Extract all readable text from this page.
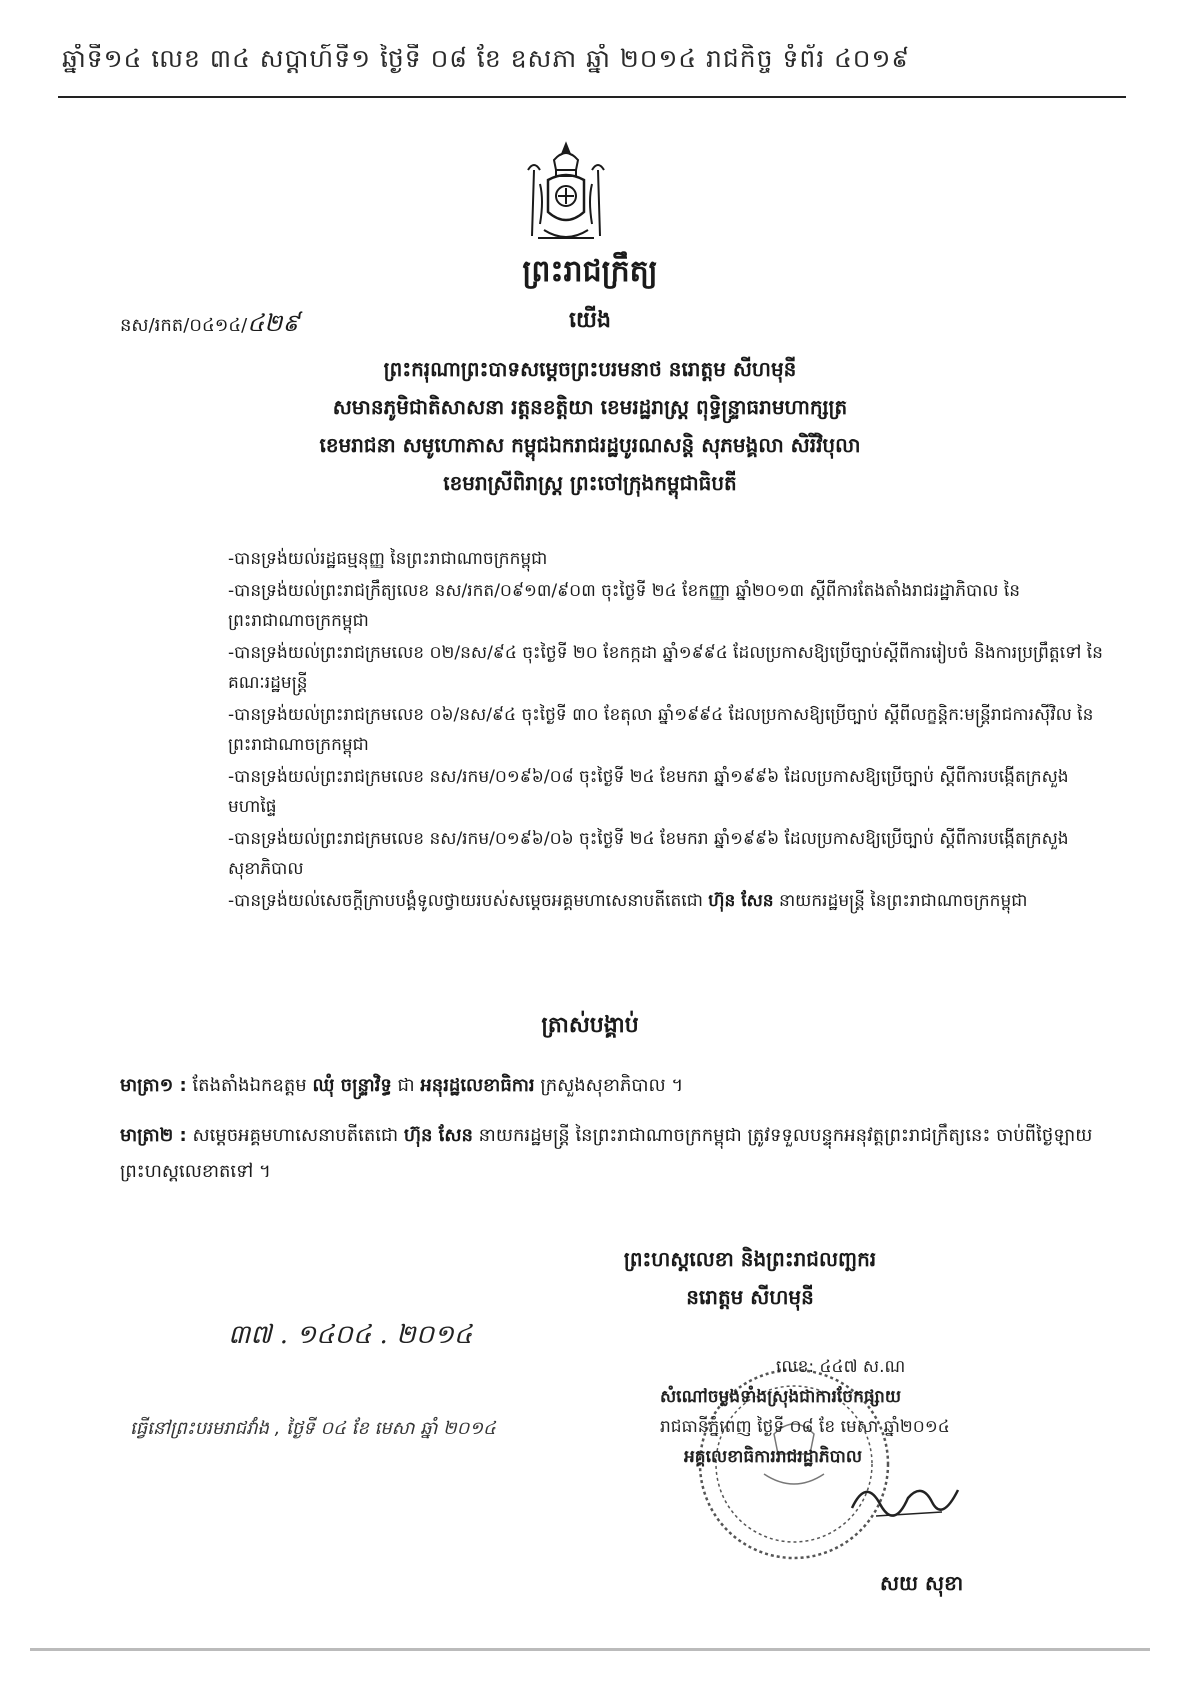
ឆ្នាំទី១៤ លេខ ៣៤ សប្តាហ៍ទី១ ថ្ងៃទី ០៨ ខែ ឧសភា ឆ្នាំ ២០១៤ រាជកិច្ច ទំព័រ ៤០១៩
ព្រះរាជក្រឹត្យ
នស/រកត/០៤១៤/៤២៩	យើង
ព្រះករុណាព្រះបាទសម្តេចព្រះបរមនាថ នរោត្តម សីហមុនី
សមានភូមិជាតិសាសនា រត្តនខត្តិយា ខេមរដ្ឋរាស្ត្រ ពុទ្ធិន្ទ្រាធរាមហាក្សត្រ
ខេមរាជនា សមូហោភាស កម្ពុជឯករាជរដ្ឋបូរណសន្តិ សុភមង្គលា សិរីវិបុលា
ខេមរាស្រីពិរាស្ត្រ ព្រះចៅក្រុងកម្ពុជាធិបតី
-បានទ្រង់យល់រដ្ឋធម្មនុញ្ញ នៃព្រះរាជាណាចក្រកម្ពុជា
-បានទ្រង់យល់ព្រះរាជក្រឹត្យលេខ នស/រកត/០៩១៣/៩០៣ ចុះថ្ងៃទី ២៤ ខែកញ្ញា ឆ្នាំ២០១៣ ស្តីពីការតែងតាំងរាជរដ្ឋាភិបាល នៃព្រះរាជាណាចក្រកម្ពុជា
-បានទ្រង់យល់ព្រះរាជក្រមលេខ ០២/នស/៩៤ ចុះថ្ងៃទី ២០ ខែកក្កដា ឆ្នាំ១៩៩៤ ដែលប្រកាសឱ្យប្រើច្បាប់ស្តីពីការរៀបចំ និងការប្រព្រឹត្តទៅ នៃគណៈរដ្ឋមន្ត្រី
-បានទ្រង់យល់ព្រះរាជក្រមលេខ ០៦/នស/៩៤ ចុះថ្ងៃទី ៣០ ខែតុលា ឆ្នាំ១៩៩៤ ដែលប្រកាសឱ្យប្រើច្បាប់ ស្តីពីលក្ខន្តិកៈមន្ត្រីរាជការស៊ីវិល នៃព្រះរាជាណាចក្រកម្ពុជា
-បានទ្រង់យល់ព្រះរាជក្រមលេខ នស/រកម/០១៩៦/០៨ ចុះថ្ងៃទី ២៤ ខែមករា ឆ្នាំ១៩៩៦ ដែលប្រកាសឱ្យប្រើច្បាប់ ស្តីពីការបង្កើតក្រសួងមហាផ្ទៃ
-បានទ្រង់យល់ព្រះរាជក្រមលេខ នស/រកម/០១៩៦/០៦ ចុះថ្ងៃទី ២៤ ខែមករា ឆ្នាំ១៩៩៦ ដែលប្រកាសឱ្យប្រើច្បាប់ ស្តីពីការបង្កើតក្រសួងសុខាភិបាល
-បានទ្រង់យល់សេចក្តីក្រាបបង្គំទូលថ្វាយរបស់សម្តេចអគ្គមហាសេនាបតីតេជោ ហ៊ុន សែន នាយករដ្ឋមន្ត្រី នៃព្រះរាជាណាចក្រកម្ពុជា
ត្រាស់បង្គាប់
មាត្រា១ : តែងតាំងឯកឧត្តម ឈុំ ចន្ទ្រាវិទ្ធ ជា អនុរដ្ឋលេខាធិការ ក្រសួងសុខាភិបាល ។
មាត្រា២ : សម្តេចអគ្គមហាសេនាបតីតេជោ ហ៊ុន សែន នាយករដ្ឋមន្ត្រី នៃព្រះរាជាណាចក្រកម្ពុជា ត្រូវទទួលបន្ទុកអនុវត្តព្រះរាជក្រឹត្យនេះ ចាប់ពីថ្ងៃឡាយព្រះហស្តលេខាតទៅ ។
ព្រះហស្តលេខា និងព្រះរាជលញ្ឆករ
នរោត្តម សីហមុនី
៣៧ . ១៤០៤ . ២០១៤
ធ្វើនៅព្រះបរមរាជវាំង , ថ្ងៃទី ០៤ ខែ មេសា ឆ្នាំ ២០១៤
លេខ: ៤៤៧ ស.ណ
សំណៅចម្លងទាំងស្រុងជាការចែកផ្សាយ
រាជធានីភ្នំពេញ ថ្ងៃទី ០៨ ខែ មេសា ឆ្នាំ២០១៤
អគ្គលេខាធិការរាជរដ្ឋាភិបាល
សយ សុខា
